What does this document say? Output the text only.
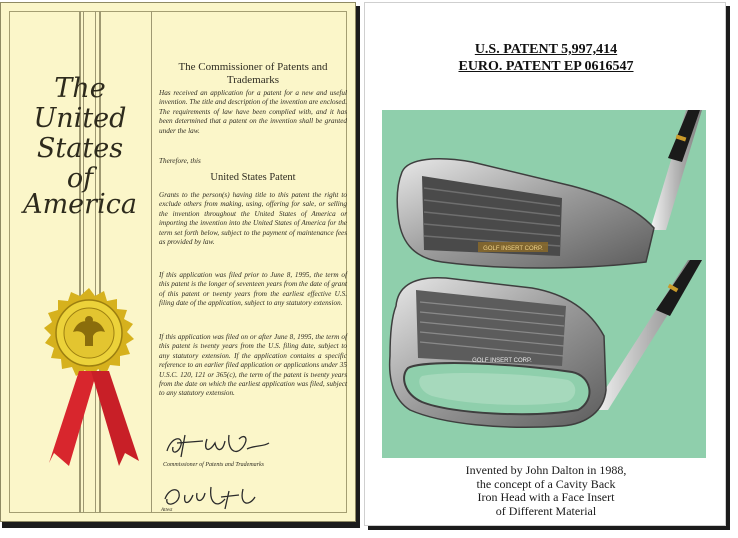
The
United
States
of
America
The Commissioner of Patents and Trademarks
Has received an application for a patent for a new and useful invention. The title and description of the invention are enclosed. The requirements of law have been complied with, and it has been determined that a patent on the invention shall be granted under the law.
Therefore, this
United States Patent
Grants to the person(s) having title to this patent the right to exclude others from making, using, offering for sale, or selling the invention throughout the United States of America or importing the invention into the United States of America for the term set forth below, subject to the payment of maintenance fees as provided by law.
If this application was filed prior to June 8, 1995, the term of this patent is the longer of seventeen years from the date of grant of this patent or twenty years from the earliest effective U.S. filing date of the application, subject to any statutory extension.
If this application was filed on or after June 8, 1995, the term of this patent is twenty years from the U.S. filing date, subject to any statutory extension. If the application contains a specific reference to an earlier filed application or applications under 35 U.S.C. 120, 121 or 365(c), the term of the patent is twenty years from the date on which the earliest application was filed, subject to any statutory extension.
Commissioner of Patents and Trademarks
Attest
U.S. PATENT 5,997,414
EURO. PATENT EP 0616547
GOLF INSERT CORP.
GOLF INSERT CORP.
Invented by John Dalton in 1988,
the concept of a Cavity Back
Iron Head with a Face Insert
of Different Material
